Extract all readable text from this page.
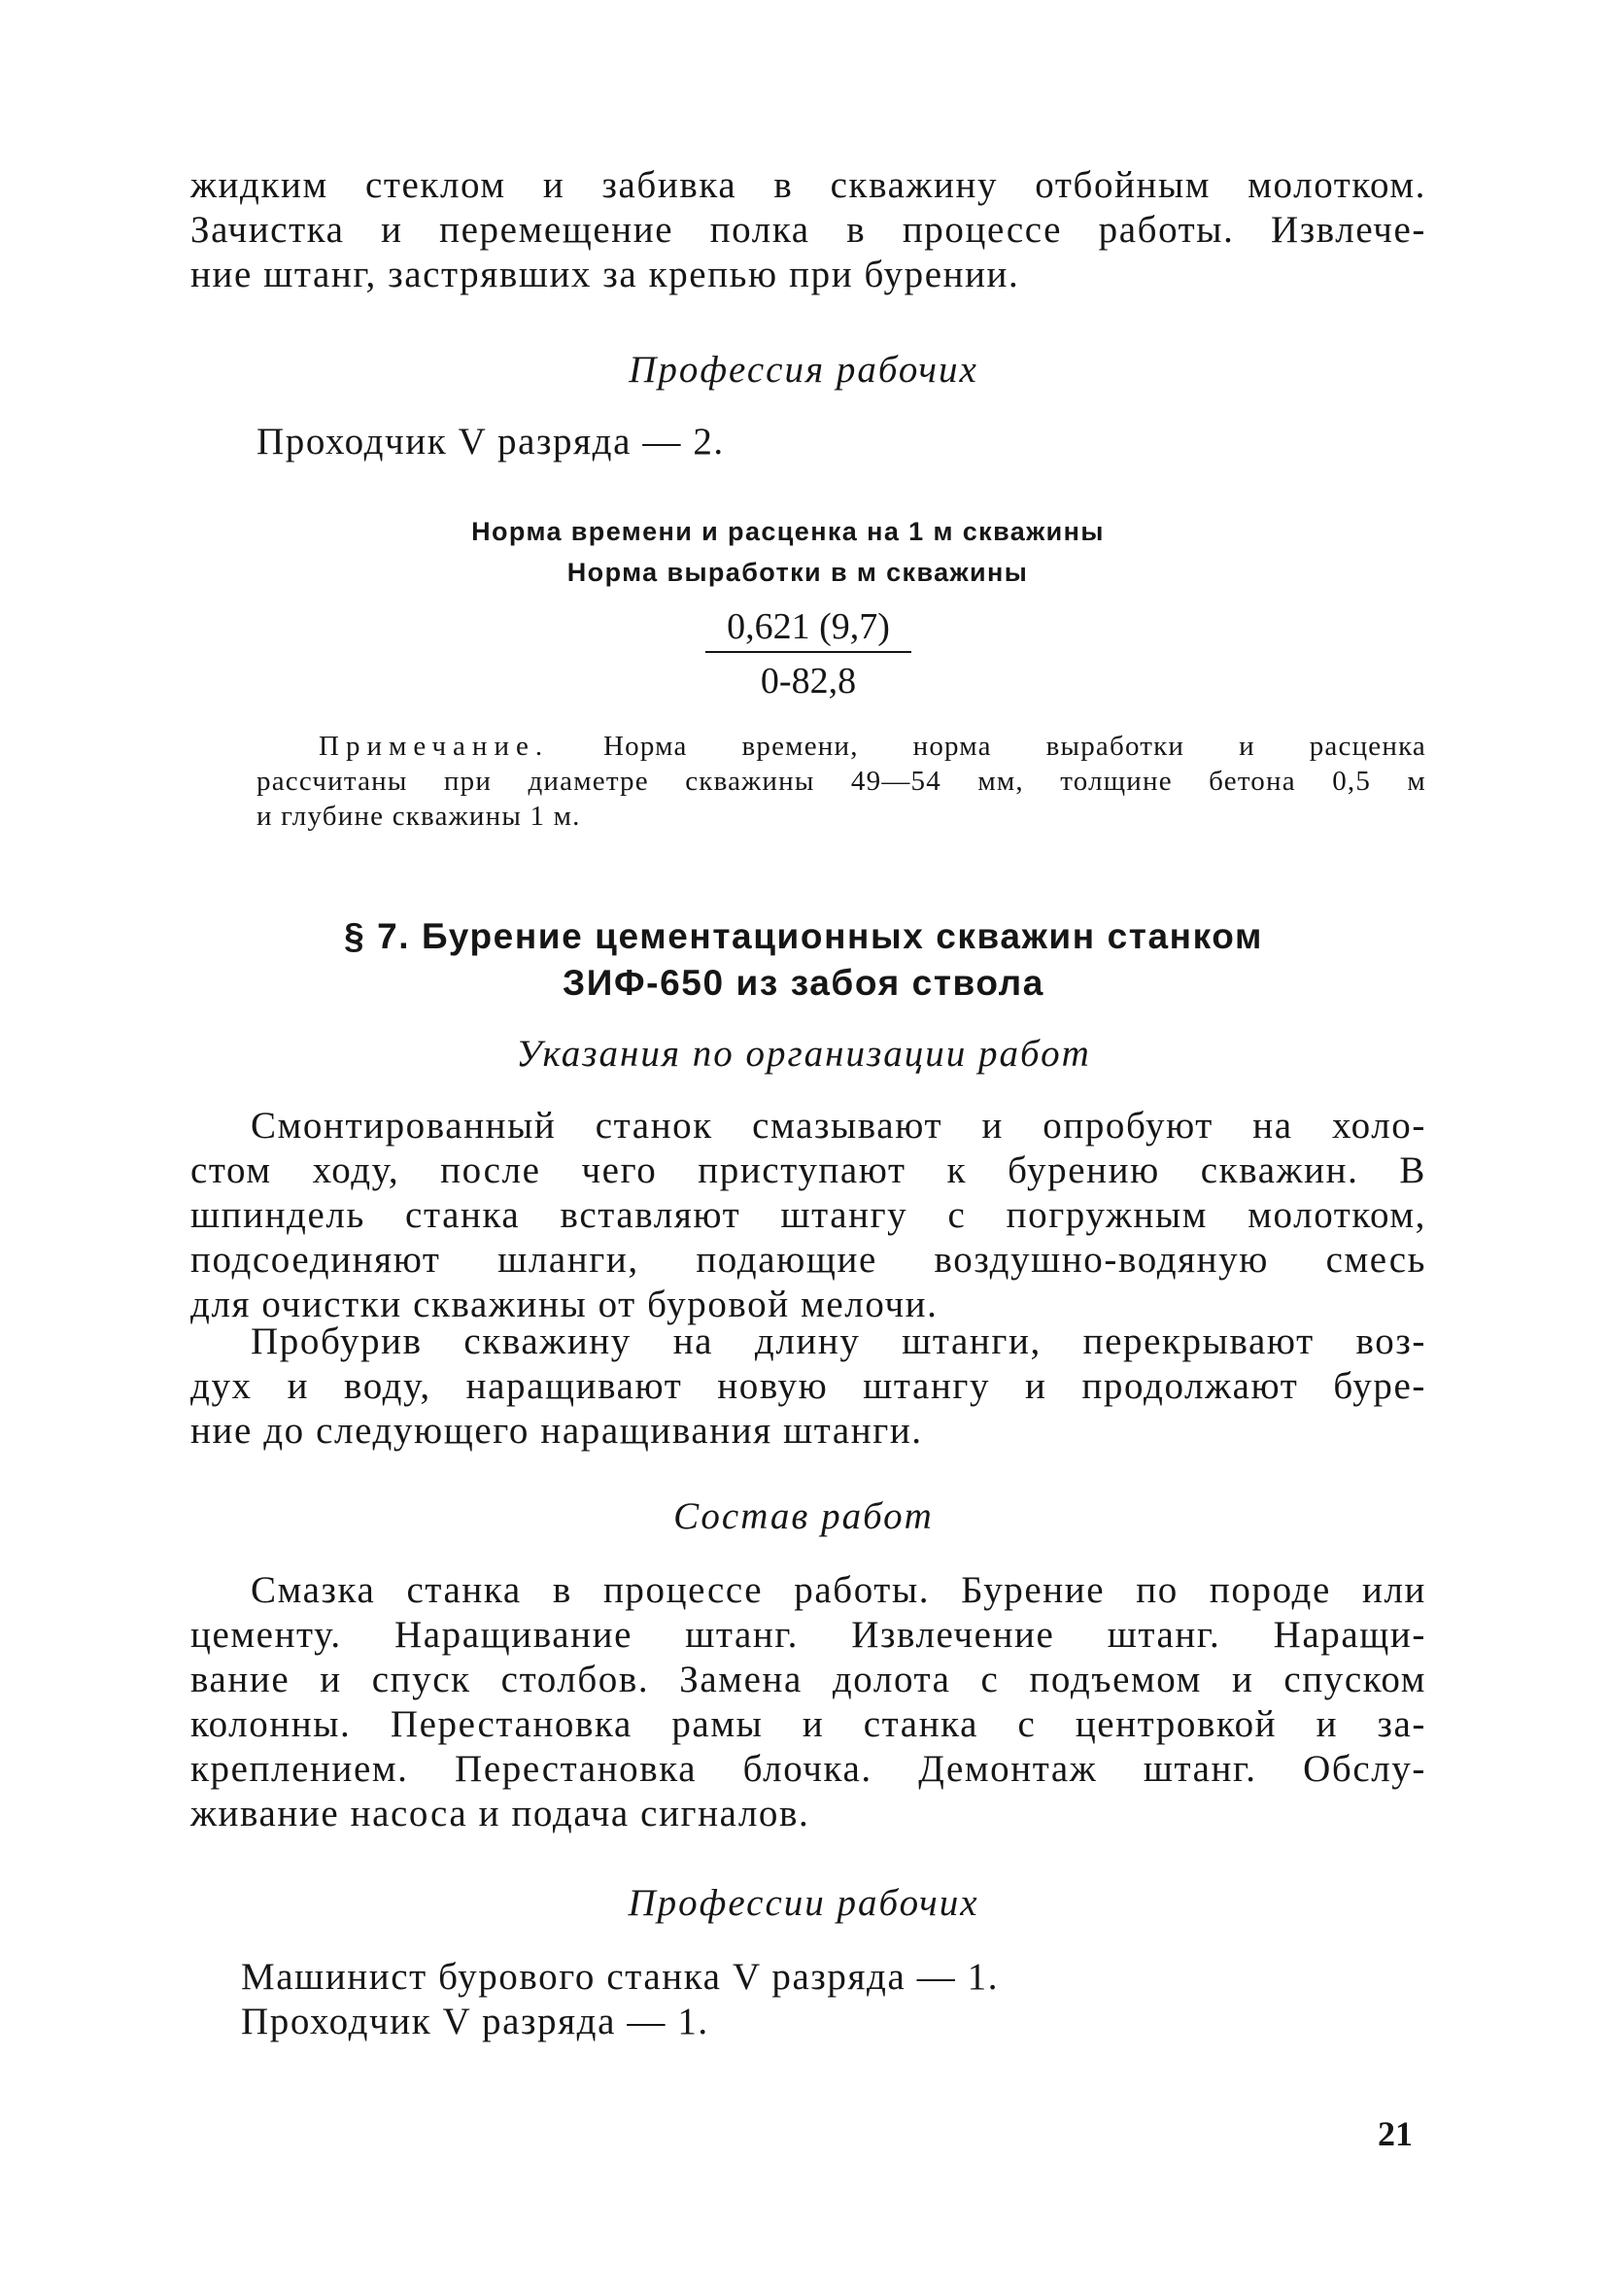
жидким стеклом и забивка в скважину отбойным молотком.
Зачистка и перемещение полка в процессе работы. Извлече-
ние штанг, застрявших за крепью при бурении.
Профессия рабочих
Проходчик V разряда — 2.
Норма времени и расценка на 1 м скважины
Норма выработки в м скважины
$\frac{0,621 (9,7)}{0-82,8}$
Примечание. Норма времени, норма выработки и расценка
рассчитаны при диаметре скважины 49—54 мм, толщине бетона 0,5 м
и глубине скважины 1 м.
§ 7. Бурение цементационных скважин станком
ЗИФ-650 из забоя ствола
Указания по организации работ
Смонтированный станок смазывают и опробуют на холо-
стом ходу, после чего приступают к бурению скважин. В
шпиндель станка вставляют штангу с погружным молотком,
подсоединяют шланги, подающие воздушно-водяную смесь
для очистки скважины от буровой мелочи.
Пробурив скважину на длину штанги, перекрывают воз-
дух и воду, наращивают новую штангу и продолжают буре-
ние до следующего наращивания штанги.
Состав работ
Смазка станка в процессе работы. Бурение по породе или
цементу. Наращивание штанг. Извлечение штанг. Наращи-
вание и спуск столбов. Замена долота с подъемом и спуском
колонны. Перестановка рамы и станка с центровкой и за-
креплением. Перестановка блочка. Демонтаж штанг. Обслу-
живание насоса и подача сигналов.
Профессии рабочих
Машинист бурового станка V разряда — 1.
Проходчик V разряда — 1.
21
